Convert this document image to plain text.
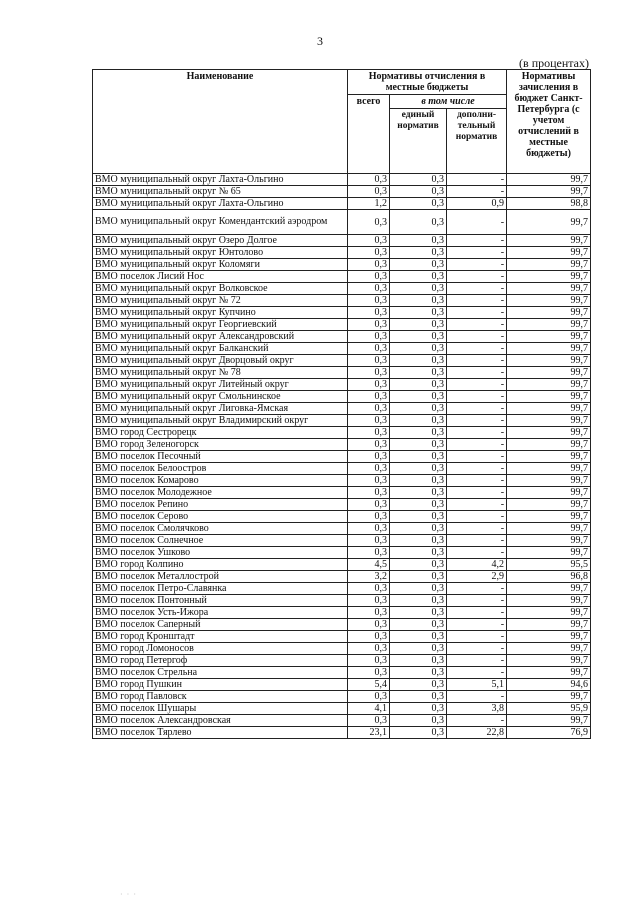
3
(в процентах)
Наименование	Нормативы отчисления в местные бюджеты			Нормативы зачисления в бюджет Санкт-Петербурга (с учетом отчислений в местные бюджеты)
	всего	в том числе		
		единый норматив	дополни-тельный норматив	
ВМО муниципальный округ Лахта-Ольгино	0,3	0,3	-	99,7
ВМО муниципальный округ № 65	0,3	0,3	-	99,7
ВМО муниципальный округ Лахта-Ольгино	1,2	0,3	0,9	98,8
ВМО муниципальный округ Комендантский аэродром	0,3	0,3	-	99,7
ВМО муниципальный округ Озеро Долгое	0,3	0,3	-	99,7
ВМО муниципальный округ Юнтолово	0,3	0,3	-	99,7
ВМО муниципальный округ Коломяги	0,3	0,3	-	99,7
ВМО поселок Лисий Нос	0,3	0,3	-	99,7
ВМО муниципальный округ Волковское	0,3	0,3	-	99,7
ВМО муниципальный округ № 72	0,3	0,3	-	99,7
ВМО муниципальный округ Купчино	0,3	0,3	-	99,7
ВМО муниципальный округ Георгиевский	0,3	0,3	-	99,7
ВМО муниципальный округ Александровский	0,3	0,3	-	99,7
ВМО муниципальный округ Балканский	0,3	0,3	-	99,7
ВМО муниципальный округ Дворцовый округ	0,3	0,3	-	99,7
ВМО муниципальный округ № 78	0,3	0,3	-	99,7
ВМО муниципальный округ Литейный округ	0,3	0,3	-	99,7
ВМО муниципальный округ Смольнинское	0,3	0,3	-	99,7
ВМО муниципальный округ Лиговка-Ямская	0,3	0,3	-	99,7
ВМО муниципальный округ Владимирский округ	0,3	0,3	-	99,7
ВМО город Сестрорецк	0,3	0,3	-	99,7
ВМО город Зеленогорск	0,3	0,3	-	99,7
ВМО поселок Песочный	0,3	0,3	-	99,7
ВМО поселок Белоостров	0,3	0,3	-	99,7
ВМО поселок Комарово	0,3	0,3	-	99,7
ВМО поселок Молодежное	0,3	0,3	-	99,7
ВМО поселок Репино	0,3	0,3	-	99,7
ВМО поселок Серово	0,3	0,3	-	99,7
ВМО поселок Смолячково	0,3	0,3	-	99,7
ВМО поселок Солнечное	0,3	0,3	-	99,7
ВМО поселок Ушково	0,3	0,3	-	99,7
ВМО город Колпино	4,5	0,3	4,2	95,5
ВМО поселок Металлострой	3,2	0,3	2,9	96,8
ВМО поселок Петро-Славянка	0,3	0,3	-	99,7
ВМО поселок Понтонный	0,3	0,3	-	99,7
ВМО поселок Усть-Ижора	0,3	0,3	-	99,7
ВМО поселок Саперный	0,3	0,3	-	99,7
ВМО город Кронштадт	0,3	0,3	-	99,7
ВМО город Ломоносов	0,3	0,3	-	99,7
ВМО город Петергоф	0,3	0,3	-	99,7
ВМО поселок Стрельна	0,3	0,3	-	99,7
ВМО город Пушкин	5,4	0,3	5,1	94,6
ВМО город Павловск	0,3	0,3	-	99,7
ВМО поселок Шушары	4,1	0,3	3,8	95,9
ВМО поселок Александровская	0,3	0,3	-	99,7
ВМО поселок Тярлево	23,1	0,3	22,8	76,9
· · ·
